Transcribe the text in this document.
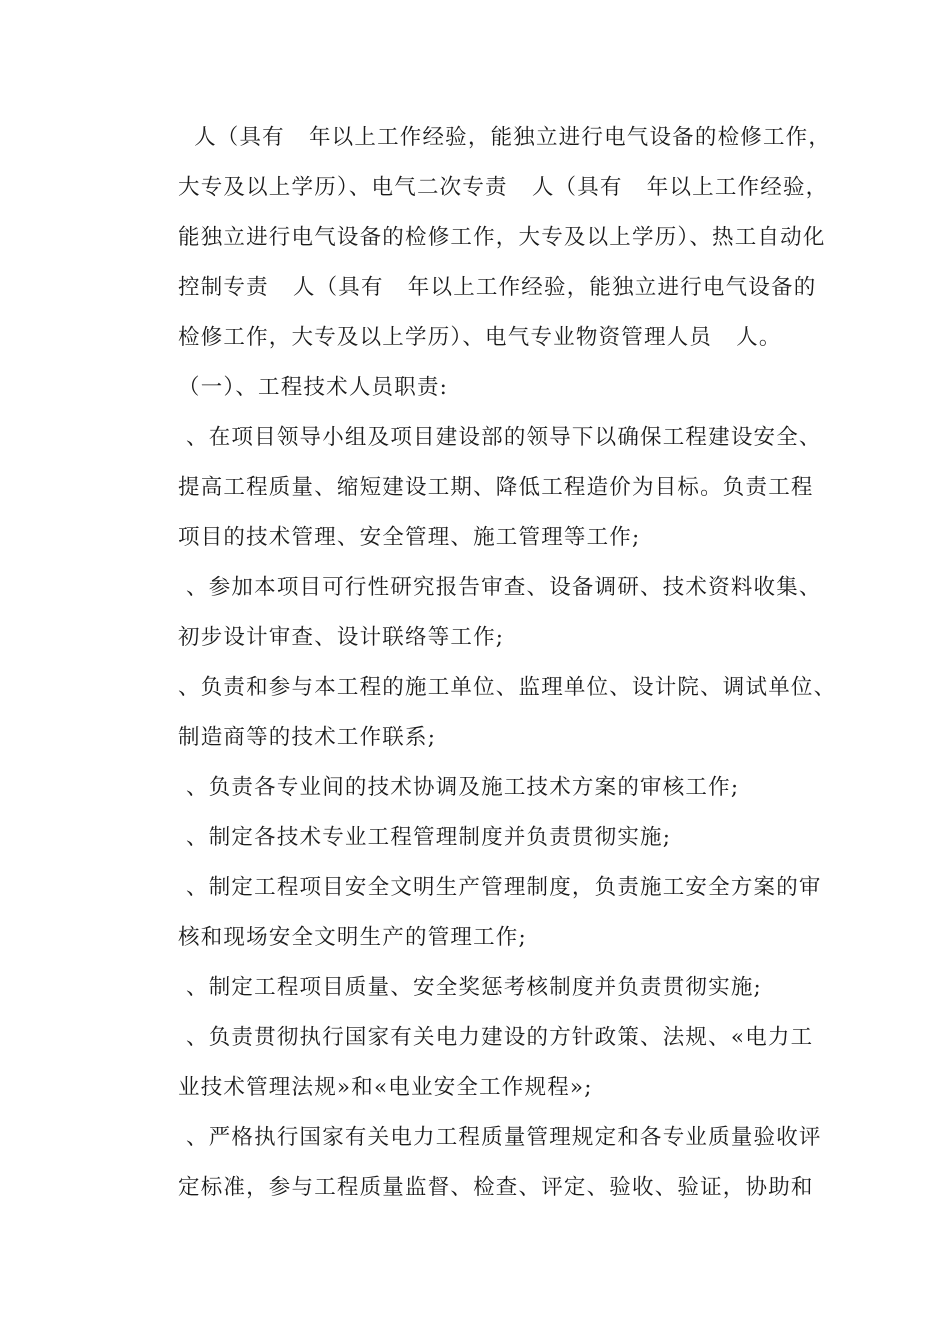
人（具有   年以上工作经验，能独立进行电气设备的检修工作，
大专及以上学历）、电气二次专责   人（具有   年以上工作经验，
能独立进行电气设备的检修工作，大专及以上学历）、热工自动化
控制专责   人（具有   年以上工作经验，能独立进行电气设备的
检修工作，大专及以上学历）、电气专业物资管理人员   人。
（一）、工程技术人员职责:
、在项目领导小组及项目建设部的领导下以确保工程建设安全、
提高工程质量、缩短建设工期、降低工程造价为目标。负责工程
项目的技术管理、安全管理、施工管理等工作;
、参加本项目可行性研究报告审查、设备调研、技术资料收集、
初步设计审查、设计联络等工作;
、负责和参与本工程的施工单位、监理单位、设计院、调试单位、
制造商等的技术工作联系;
、负责各专业间的技术协调及施工技术方案的审核工作;
、制定各技术专业工程管理制度并负责贯彻实施;
、制定工程项目安全文明生产管理制度，负责施工安全方案的审
核和现场安全文明生产的管理工作;
、制定工程项目质量、安全奖惩考核制度并负责贯彻实施;
、负责贯彻执行国家有关电力建设的方针政策、法规、«电力工
业技术管理法规»和«电业安全工作规程»;
、严格执行国家有关电力工程质量管理规定和各专业质量验收评
定标准，参与工程质量监督、检查、评定、验收、验证，协助和
